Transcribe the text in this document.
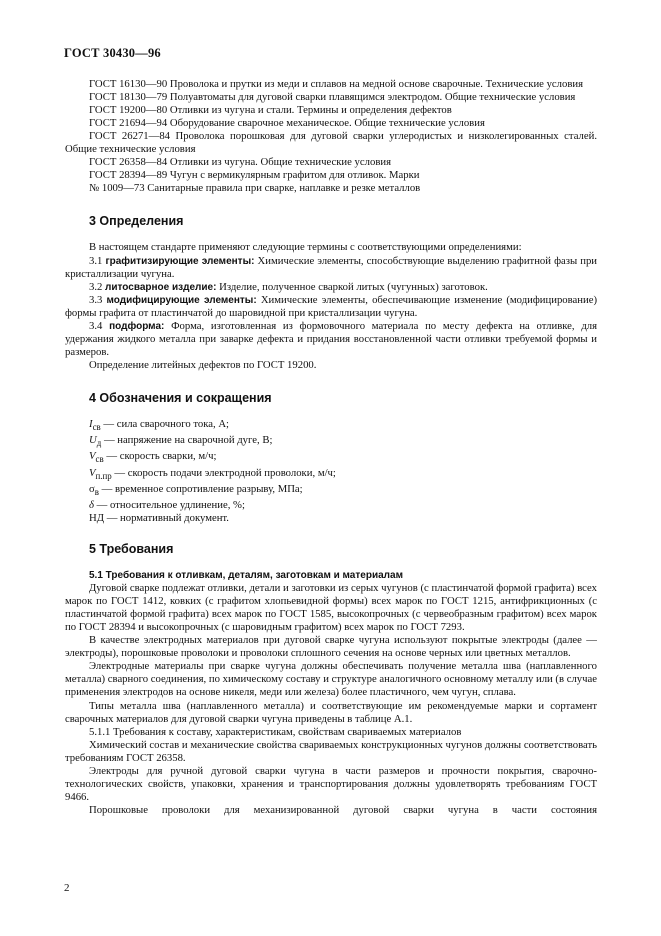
ГОСТ 30430—96

ГОСТ 16130—90 Проволока и прутки из меди и сплавов на медной основе сварочные. Технические условия

ГОСТ 18130—79 Полуавтоматы для дуговой сварки плавящимся электродом. Общие технические условия

ГОСТ 19200—80 Отливки из чугуна и стали. Термины и определения дефектов

ГОСТ 21694—94 Оборудование сварочное механическое. Общие технические условия

ГОСТ 26271—84 Проволока порошковая для дуговой сварки углеродистых и низколегированных сталей. Общие технические условия

ГОСТ 26358—84 Отливки из чугуна. Общие технические условия

ГОСТ 28394—89 Чугун с вермикулярным графитом для отливок. Марки

№ 1009—73 Санитарные правила при сварке, наплавке и резке металлов

3 Определения

В настоящем стандарте применяют следующие термины с соответствующими определениями:

3.1 графитизирующие элементы: Химические элементы, способствующие выделению графитной фазы при кристаллизации чугуна.

3.2 литосварное изделие: Изделие, полученное сваркой литых (чугунных) заготовок.

3.3 модифицирующие элементы: Химические элементы, обеспечивающие изменение (модифицирование) формы графита от пластинчатой до шаровидной при кристаллизации чугуна.

3.4 подформа: Форма, изготовленная из формовочного материала по месту дефекта на отливке, для удержания жидкого металла при заварке дефекта и придания восстановленной части отливки требуемой формы и размеров.

Определение литейных дефектов по ГОСТ 19200.

4 Обозначения и сокращения

$I_{св}$ — сила сварочного тока, А;

$U_д$ — напряжение на сварочной дуге, В;

$V_{св}$ — скорость сварки, м/ч;

$V_{п.пр}$ — скорость подачи электродной проволоки, м/ч;

$\sigma_в$ — временное сопротивление разрыву, МПа;

δ — относительное удлинение, %;

НД — нормативный документ.

5 Требования
5.1 Требования к отливкам, деталям, заготовкам и материалам

Дуговой сварке подлежат отливки, детали и заготовки из серых чугунов (с пластинчатой формой графита) всех марок по ГОСТ 1412, ковких (с графитом хлопьевидной формы) всех марок по ГОСТ 1215, антифрикционных (с пластинчатой формой графита) всех марок по ГОСТ 1585, высокопрочных (с червеобразным графитом) всех марок по ГОСТ 28394 и высокопрочных (с шаровидным графитом) всех марок по ГОСТ 7293.

В качестве электродных материалов при дуговой сварке чугуна используют покрытые электроды (далее — электроды), порошковые проволоки и проволоки сплошного сечения на основе черных или цветных металлов.

Электродные материалы при сварке чугуна должны обеспечивать получение металла шва (наплавленного металла) сварного соединения, по химическому составу и структуре аналогичного основному металлу или (в случае применения электродов на основе никеля, меди или железа) более пластичного, чем чугун, сплава.

Типы металла шва (наплавленного металла) и соответствующие им рекомендуемые марки и сортамент сварочных материалов для дуговой сварки чугуна приведены в таблице А.1.

5.1.1 Требования к составу, характеристикам, свойствам свариваемых материалов

Химический состав и механические свойства свариваемых конструкционных чугунов должны соответствовать требованиям ГОСТ 26358.

Электроды для ручной дуговой сварки чугуна в части размеров и прочности покрытия, сварочно-технологических свойств, упаковки, хранения и транспортирования должны удовлетворять требованиям ГОСТ 9466.

Порошковые проволоки для механизированной дуговой сварки чугуна в части состояния

2
